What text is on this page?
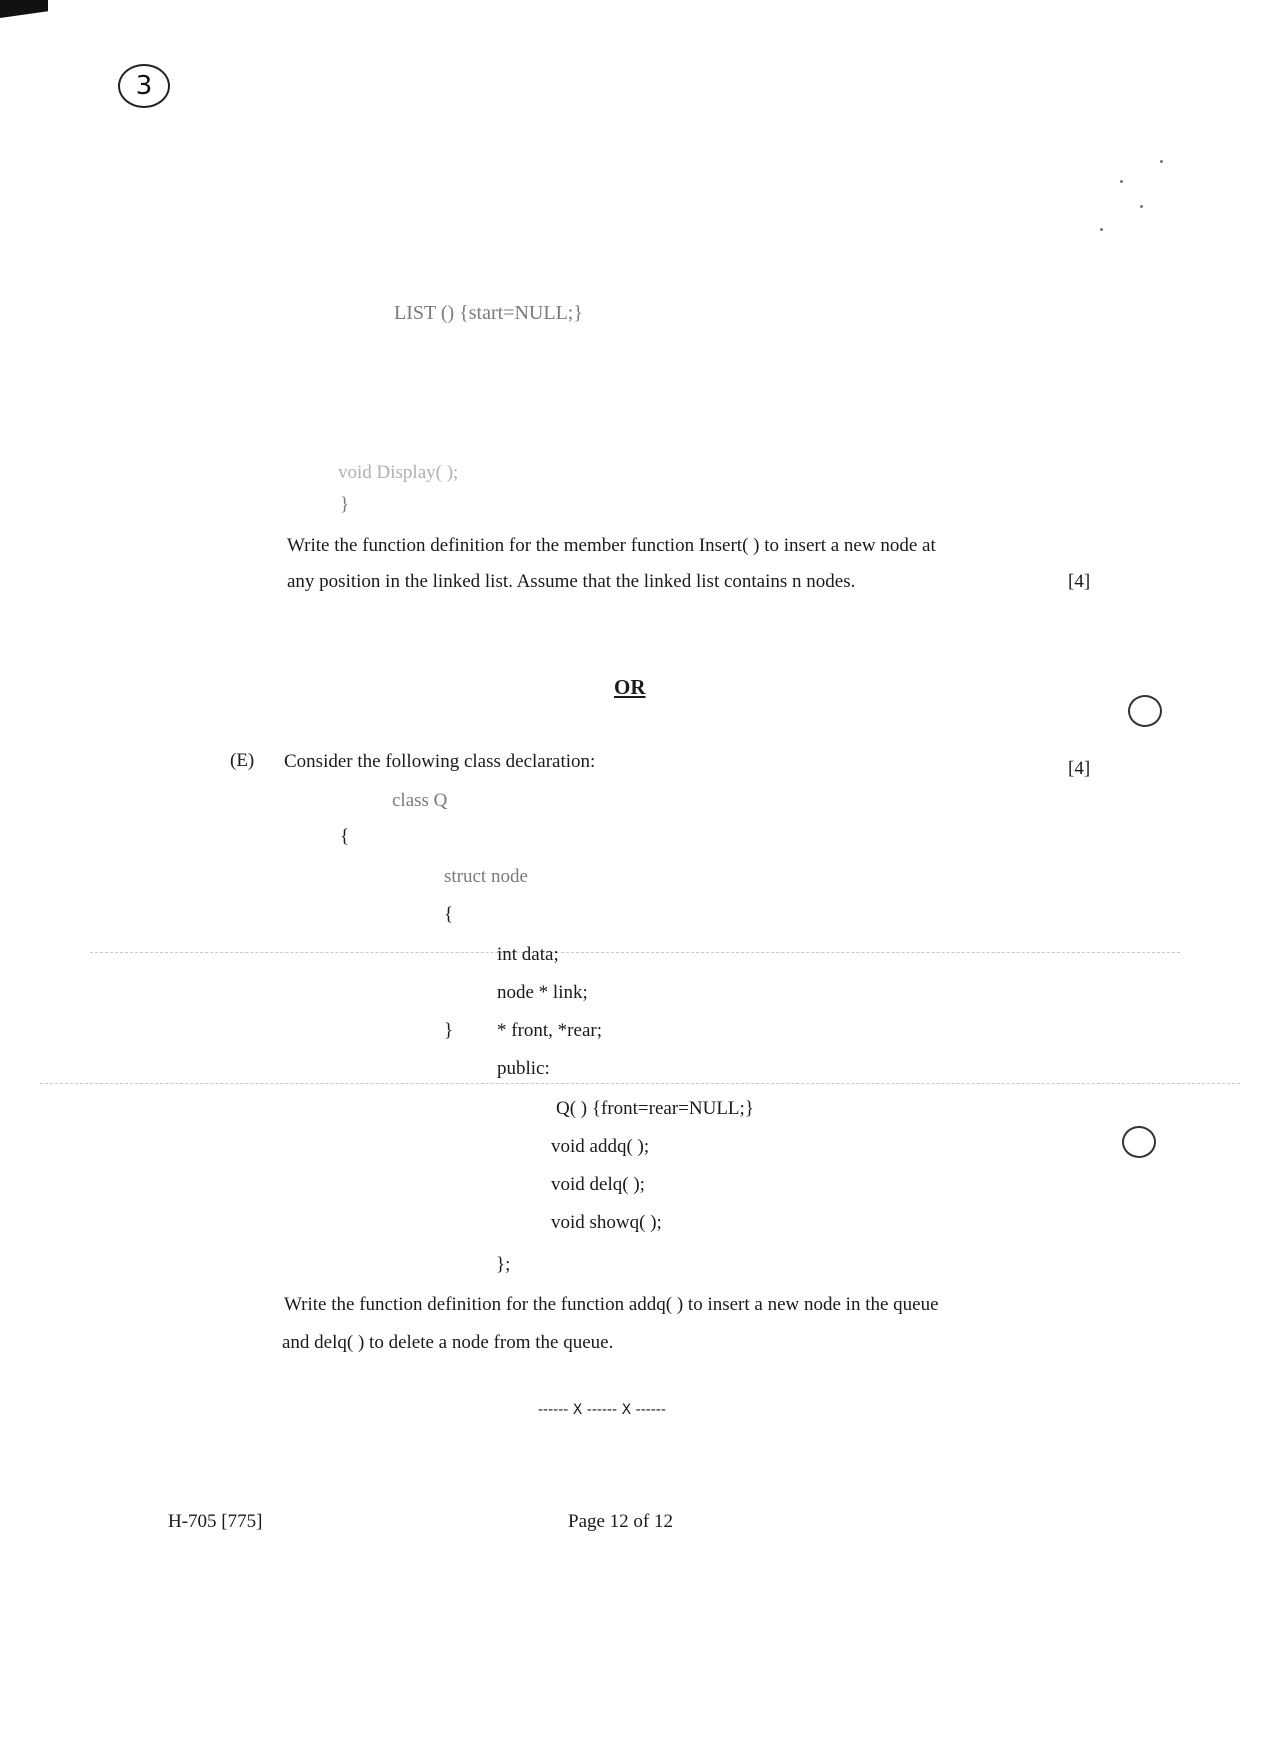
3
LIST () {start=NULL;}
void Display( );
}
Write the function definition for the member function Insert( ) to insert a new node at
any position in the linked list. Assume that the linked list contains n nodes.	[4]
OR
(E) Consider the following class declaration:	[4]
class Q
{
struct node
{
int data;
node * link;
} * front, *rear;
public:
Q( ) {front=rear=NULL;}
void addq( );
void delq( );
void showq( );
};
Write the function definition for the function addq( ) to insert a new node in the queue
and delq( ) to delete a node from the queue.
------ X ------ X ------
H-705 [775]	Page 12 of 12
